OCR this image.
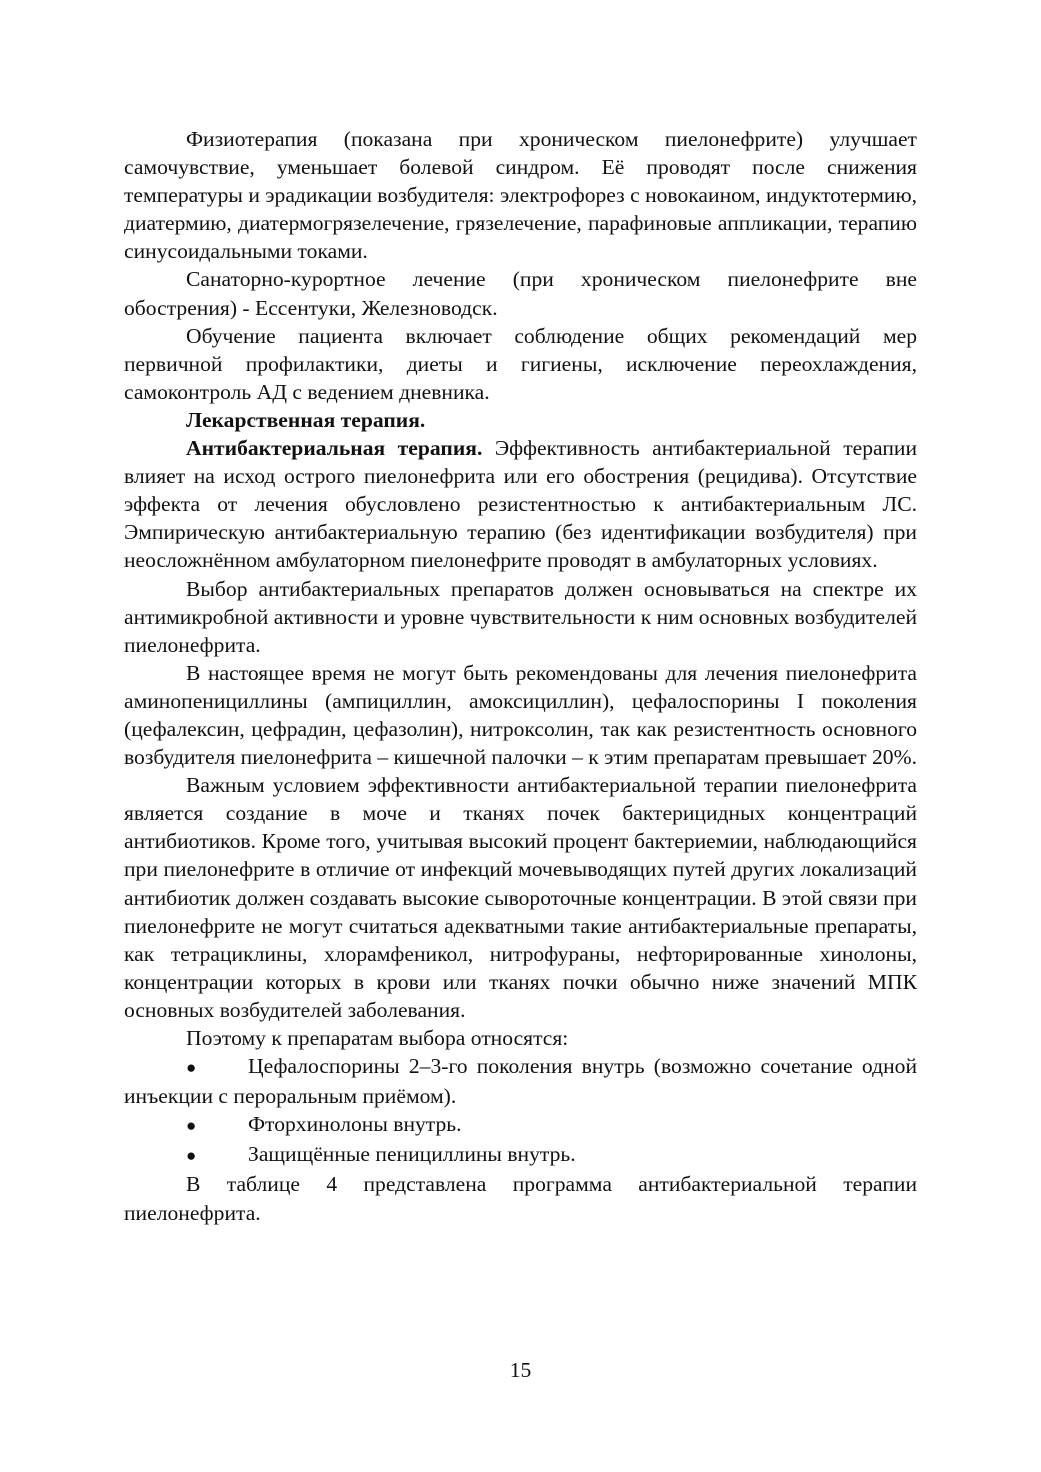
Физиотерапия (показана при хроническом пиелонефрите) улучшает самочувствие, уменьшает болевой синдром. Её проводят после снижения температуры и эрадикации возбудителя: электрофорез с новокаином, индуктотермию, диатермию, диатермогрязелечение, грязелечение, парафиновые аппликации, терапию синусоидальными токами.

Санаторно-курортное лечение (при хроническом пиелонефрите вне обострения) - Ессентуки, Железноводск.

Обучение пациента включает соблюдение общих рекомендаций мер первичной профилактики, диеты и гигиены, исключение переохлаждения, самоконтроль АД с ведением дневника.

Лекарственная терапия.

Антибактериальная терапия. Эффективность антибактериальной терапии влияет на исход острого пиелонефрита или его обострения (рецидива). Отсутствие эффекта от лечения обусловлено резистентностью к антибактериальным ЛС. Эмпирическую антибактериальную терапию (без идентификации возбудителя) при неосложнённом амбулаторном пиелонефрите проводят в амбулаторных условиях.

Выбор антибактериальных препаратов должен основываться на спектре их антимикробной активности и уровне чувствительности к ним основных возбудителей пиелонефрита.

В настоящее время не могут быть рекомендованы для лечения пиелонефрита аминопенициллины (ампициллин, амоксициллин), цефалоспорины I поколения (цефалексин, цефрадин, цефазолин), нитроксолин, так как резистентность основного возбудителя пиелонефрита – кишечной палочки – к этим препаратам превышает 20%.

Важным условием эффективности антибактериальной терапии пиелонефрита является создание в моче и тканях почек бактерицидных концентраций антибиотиков. Кроме того, учитывая высокий процент бактериемии, наблюдающийся при пиелонефрите в отличие от инфекций мочевыводящих путей других локализаций антибиотик должен создавать высокие сывороточные концентрации. В этой связи при пиелонефрите не могут считаться адекватными такие антибактериальные препараты, как тетрациклины, хлорамфеникол, нитрофураны, нефторированные хинолоны, концентрации которых в крови или тканях почки обычно ниже значений МПК основных возбудителей заболевания.

Поэтому к препаратам выбора относятся:

● Цефалоспорины 2–3-го поколения внутрь (возможно сочетание одной инъекции с пероральным приёмом).

● Фторхинолоны внутрь.

● Защищённые пенициллины внутрь.

В таблице 4 представлена программа антибактериальной терапии пиелонефрита.

15
